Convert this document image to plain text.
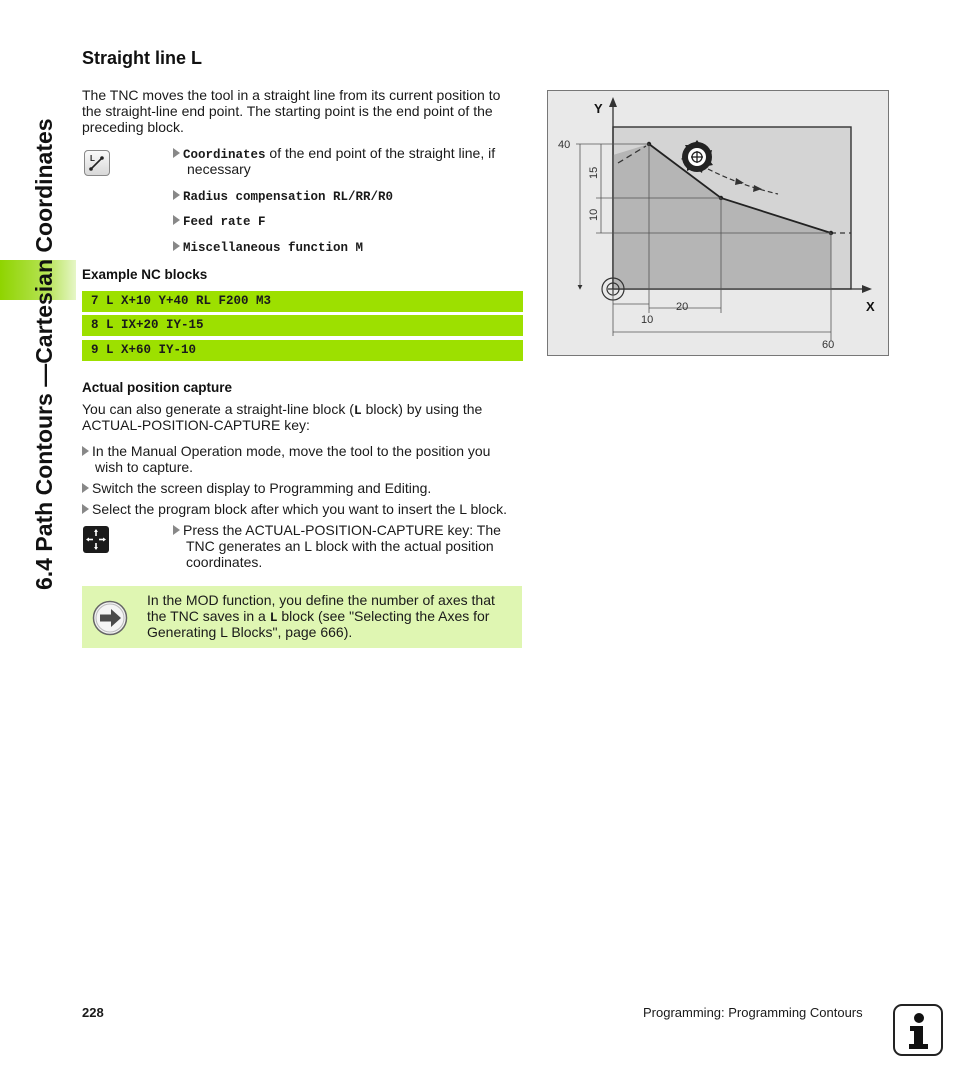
6.4 Path Contours —Cartesian Coordinates
Straight line L
The TNC moves the tool in a straight line from its current position to
the straight-line end point. The starting point is the end point of the
preceding block.
L	Coordinates of the end point of the straight line, if
necessary
Radius compensation RL/RR/R0
Feed rate F
Miscellaneous function M
Example NC blocks
7 L X+10 Y+40 RL F200 M3
8 L IX+20 IY-15
9 L X+60 IY-10
Actual position capture
You can also generate a straight-line block (L block) by using the
ACTUAL-POSITION-CAPTURE key:
In the Manual Operation mode, move the tool to the position you
wish to capture.
Switch the screen display to Programming and Editing.
Select the program block after which you want to insert the L block.
Press the ACTUAL-POSITION-CAPTURE key: The
TNC generates an L block with the actual position
coordinates.
In the MOD function, you define the number of axes that
the TNC saves in a L block (see "Selecting the Axes for
Generating L Blocks", page 666).
Y
X
40
15
10
20
10
60
228	Programming: Programming Contours
